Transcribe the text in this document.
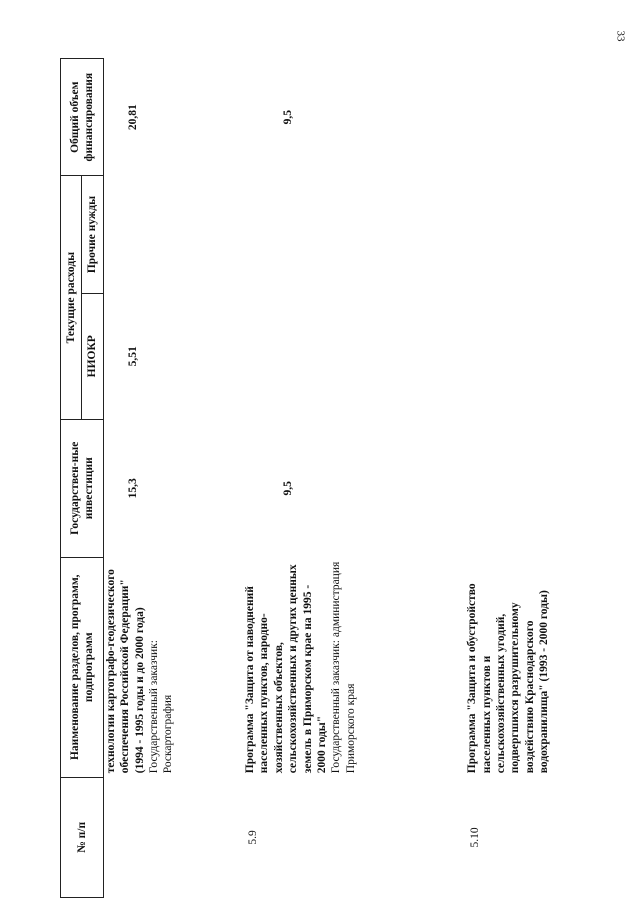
33
№ п/п	Наименование разделов, программ, подпрограмм	Государствен-ные инвестиции	Текущие расходы		Общий объем финансирования
			НИОКР	Прочие нужды	

	технологии картографо-геодезического обеспечения Российской Федерации" (1994 - 1995 годы и до 2000 года) Государственный заказчик: Роскартография	15,3	5,51		20,81
5.9	Программа "Защита от наводнений населенных пунктов, народно-хозяйственных объектов, сельскохозяйственных и других ценных земель в Приморском крае на 1995 - 2000 годы" Государственный заказчик: администрация Приморского края	9,5			9,5
5.10	Программа "Защита и обустройство населенных пунктов и сельскохозяйственных угодий, подвергшихся разрушительному воздействию Краснодарского водохранилища" (1993 - 2000 годы)				
